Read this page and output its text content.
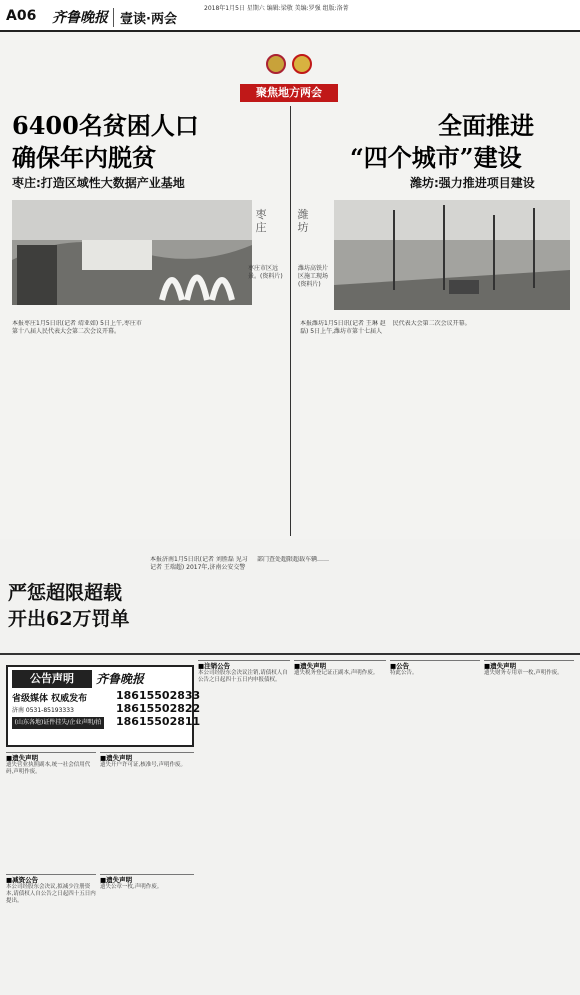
A06 齐鲁晚报 壹读·两会
2018年1月5日 星期六 编辑:梁敬 美编:罗强 组版:洛菁
聚焦地方两会
6400名贫困人口
确保年内脱贫
枣庄:打造区域性大数据产业基地
枣庄
枣庄市区远景。(资料片)
本报枣庄1月5日讯(记者 靖亚如) 5日上午,枣庄市第十八届人民代表大会第二次会议开幕。
全面推进
“四个城市”建设
潍坊:强力推进项目建设
潍坊
潍坊高铁片区施工现场(资料片)
本报潍坊1月5日讯(记者 王琳 赵磊) 5日上午,潍坊市第十七届人民代表大会第二次会议开幕。
严惩超限超载
开出62万罚单
本报济南1月5日讯(记者 刘胜磊 见习记者 王瑞超) 2017年,济南公安交警部门查处超限超载车辆……
公告声明	齐鲁晚报
18615502833
18615502822
18615502811
省级媒体 权威发布
济南 0531-85193333
(山东各地)证件挂失/企业声明/拍卖/法律程序等
■遗失声明
遗失营业执照副本,统一社会信用代码,声明作废。
■遗失声明
遗失开户许可证,核准号,声明作废。
■减资公告
本公司经股东会决议,拟减少注册资本,请债权人自公告之日起四十五日内提出。
■遗失声明
遗失公章一枚,声明作废。
■注销公告
本公司经股东会决议注销,请债权人自公告之日起四十五日内申报债权。
■遗失声明
遗失税务登记证正副本,声明作废。
■公告
特此公告。
■遗失声明
遗失财务专用章一枚,声明作废。
